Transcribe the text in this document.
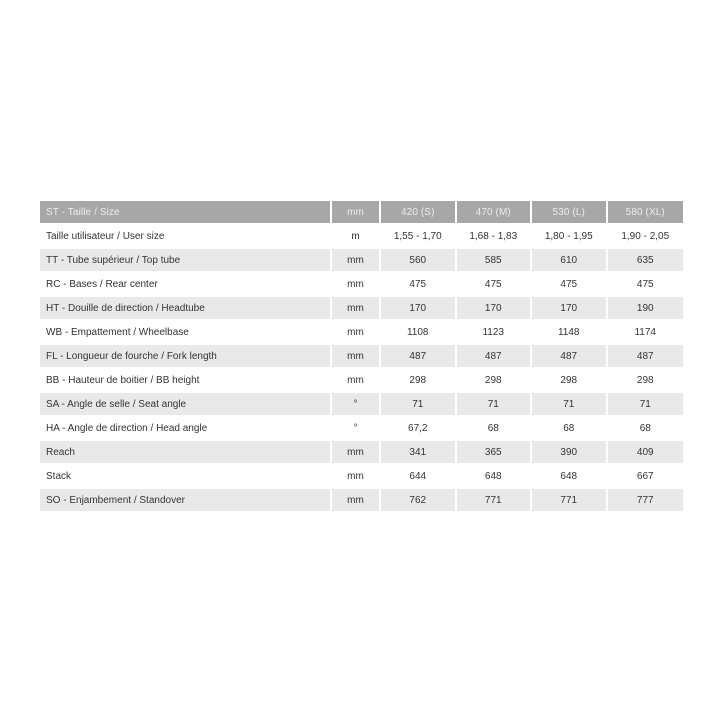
ST - Taille / Size	mm	420 (S)	470 (M)	530 (L)	580 (XL)
Taille utilisateur / User size	m	1,55 - 1,70	1,68 - 1,83	1,80 - 1,95	1,90 - 2,05
TT - Tube supérieur / Top tube	mm	560	585	610	635
RC - Bases / Rear center	mm	475	475	475	475
HT - Douille de direction / Headtube	mm	170	170	170	190
WB - Empattement / Wheelbase	mm	1108	1123	1148	1174
FL - Longueur de fourche / Fork length	mm	487	487	487	487
BB - Hauteur de boitier / BB height	mm	298	298	298	298
SA - Angle de selle / Seat angle	°	71	71	71	71
HA - Angle de direction / Head angle	°	67,2	68	68	68
Reach	mm	341	365	390	409
Stack	mm	644	648	648	667
SO - Enjambement / Standover	mm	762	771	771	777
